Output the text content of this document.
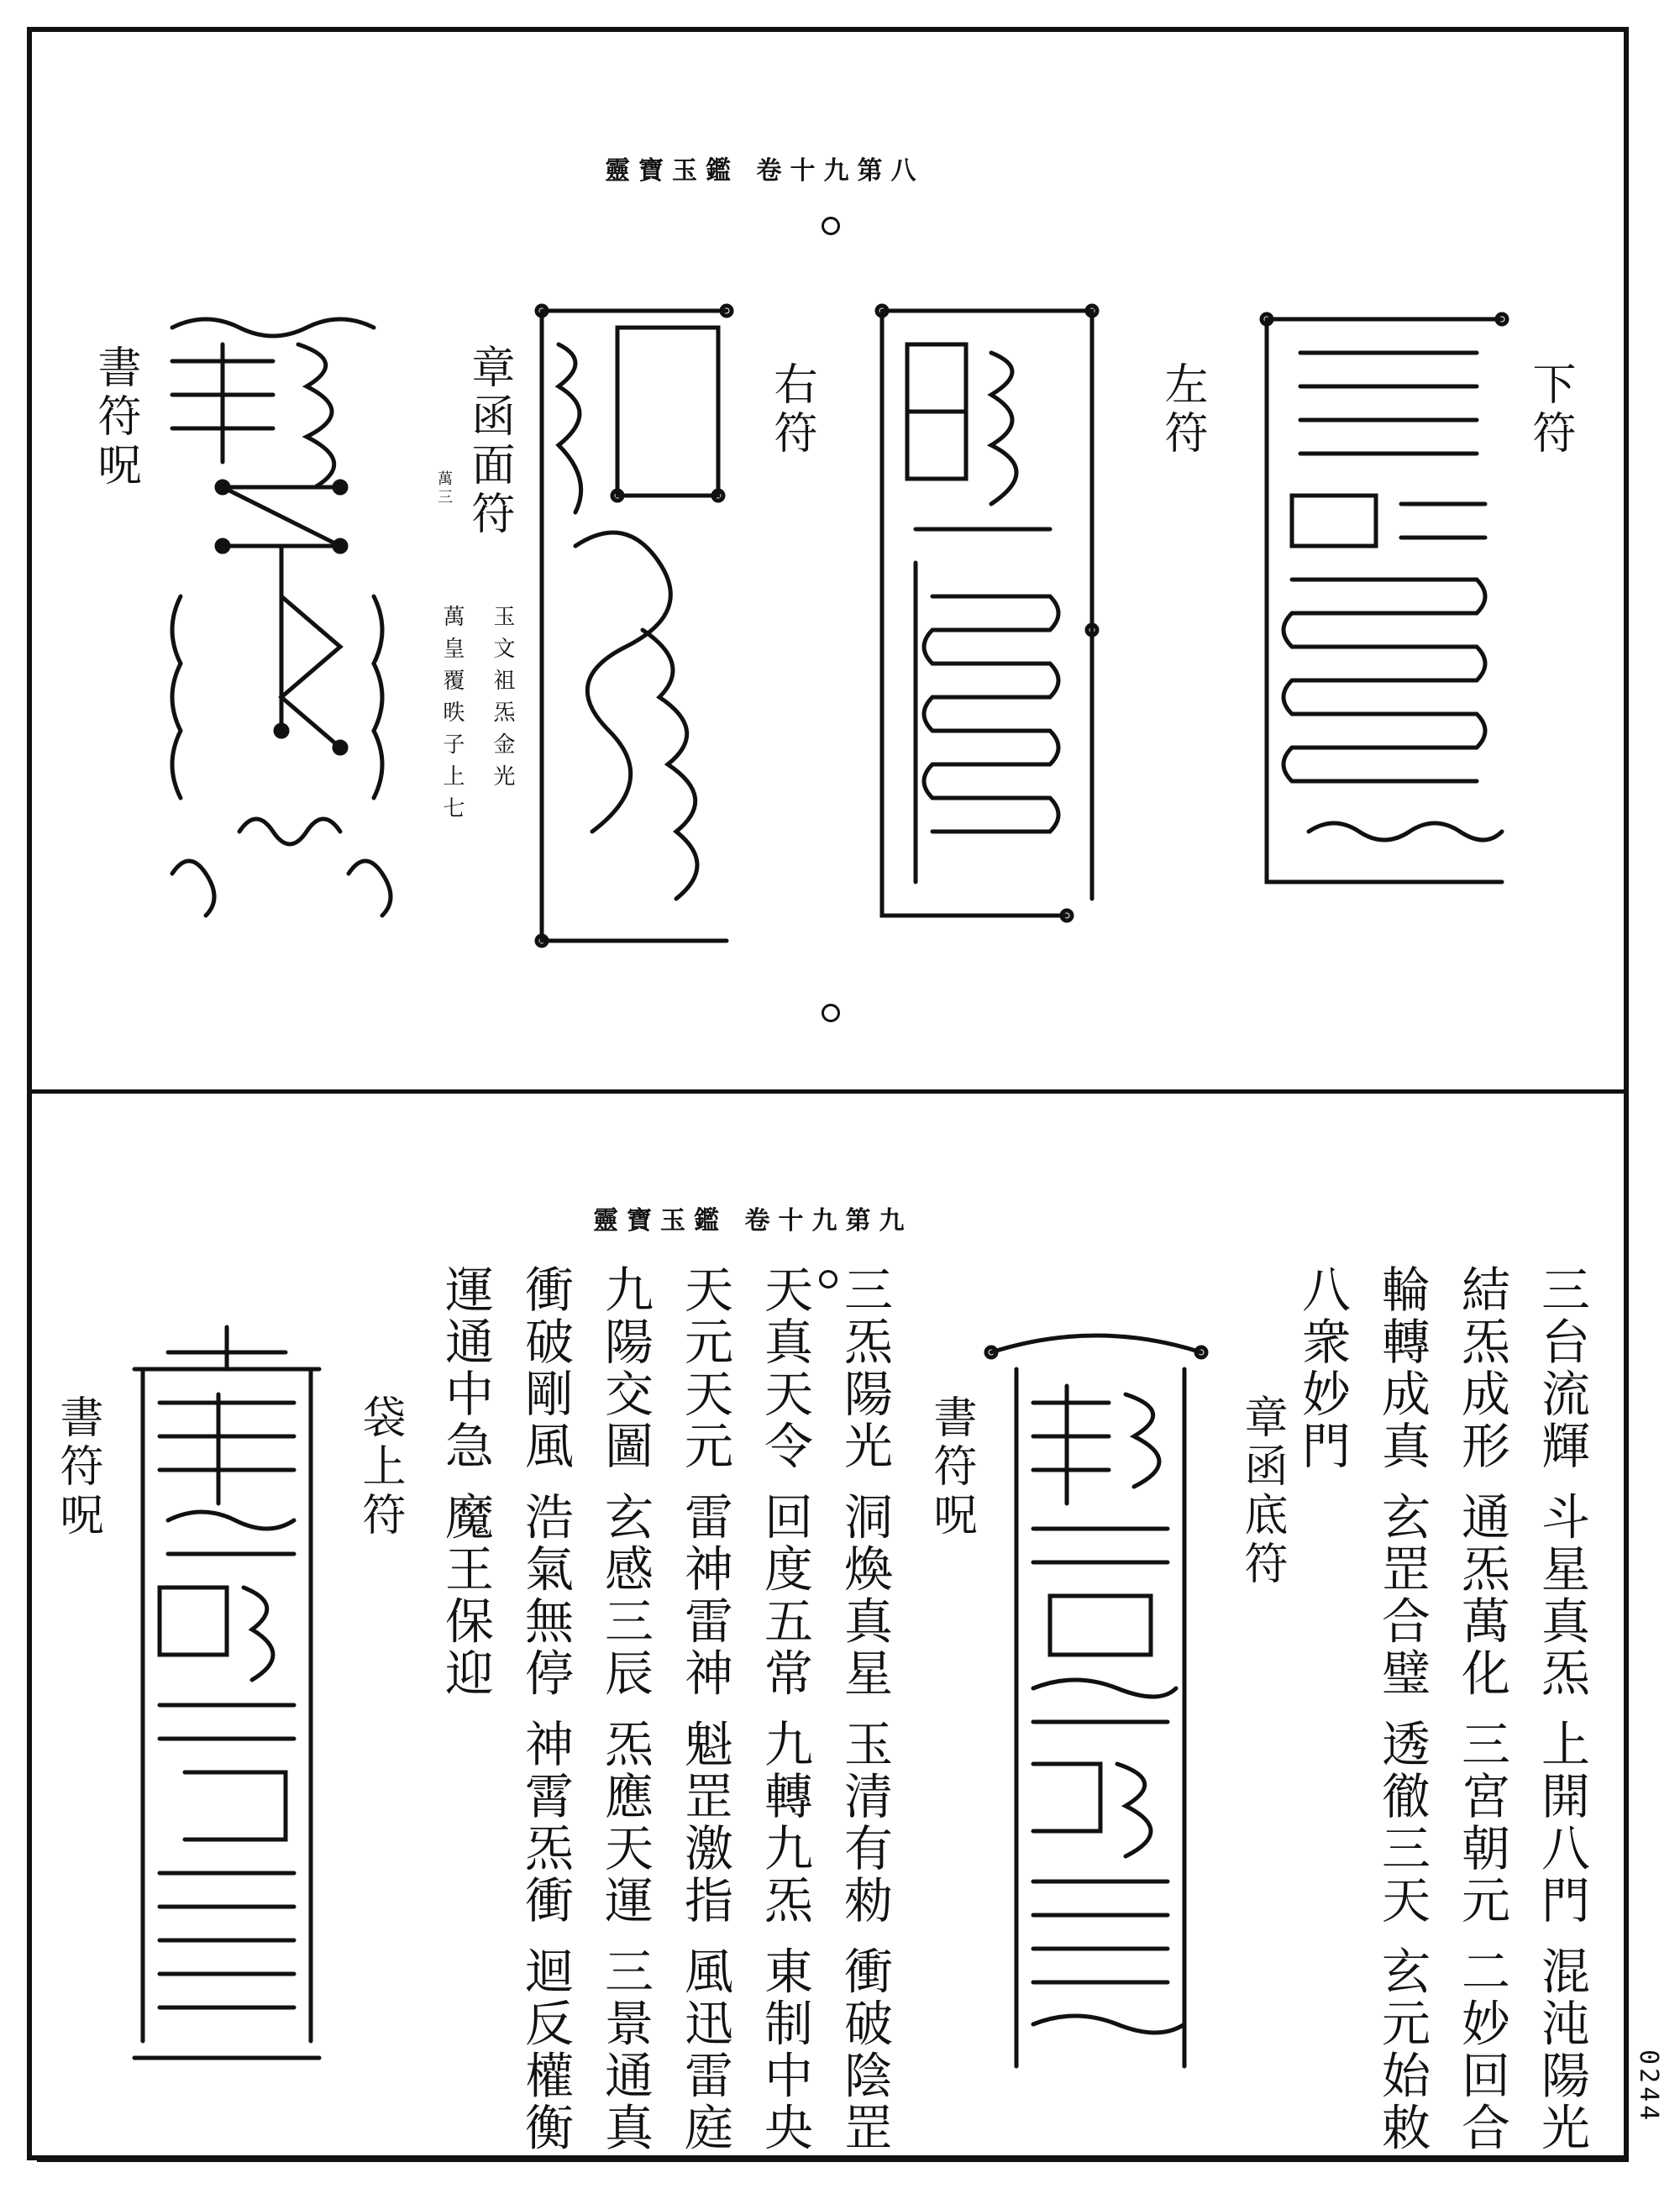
靈寶玉鑑 卷十九第八
下符
左符
右符
章函面符
萬三
玉文祖炁金光
萬皇覆昳子上七
書符呪
靈寶玉鑑 卷十九第九
三台流輝 斗星真炁 上開八門 混沌陽光
結炁成形 通炁萬化 三宮朝元 二妙回合
輪轉成真 玄罡合璧 透徹三天 玄元始敕
八衆妙門
章函底符
書符呪
三炁陽光 洞煥真星 玉清有勑 衝破陰罡
天真天令 回度五常 九轉九炁 東制中央
天元天元 雷神雷神 魁罡激指 風迅雷庭
九陽交圖 玄感三辰 炁應天運 三景通真
衝破剛風 浩氣無停 神霄炁衝 迴反權衡
運通中急 魔王保迎
袋上符
書符呪
0244
